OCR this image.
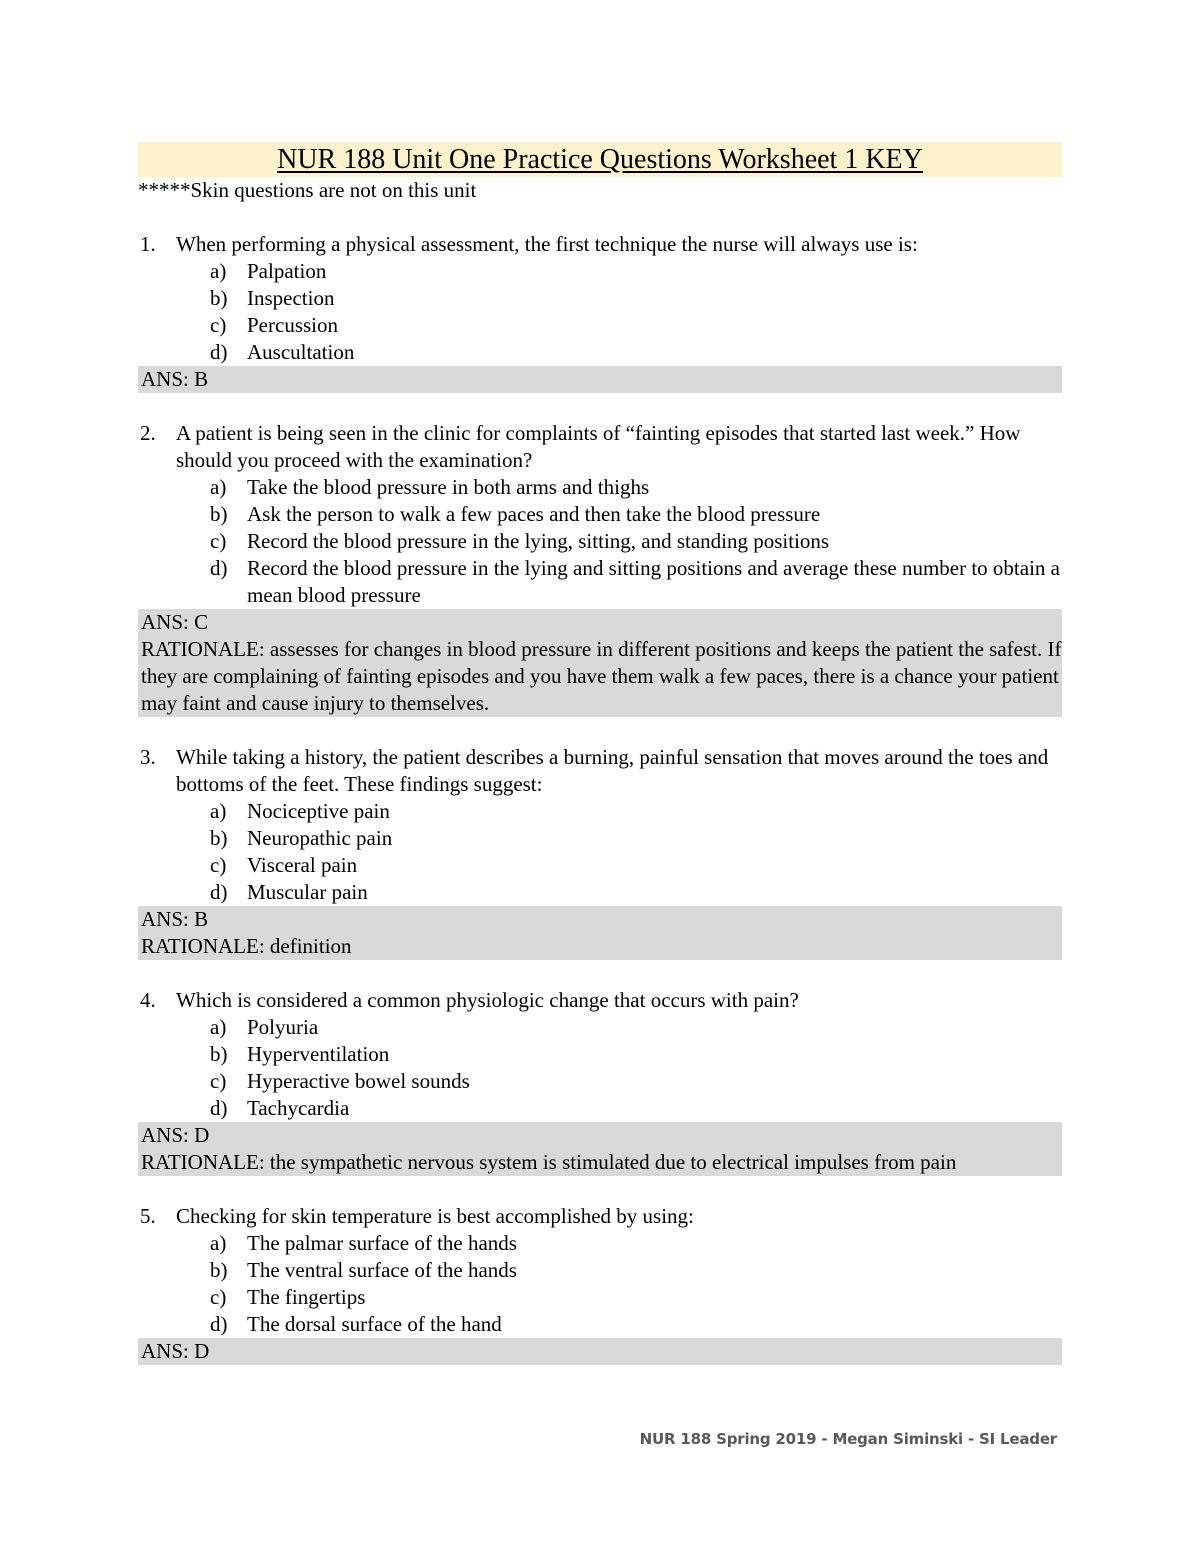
NUR 188 Unit One Practice Questions Worksheet 1 KEY
*****Skin questions are not on this unit
1. When performing a physical assessment, the first technique the nurse will always use is:
a) Palpation
b) Inspection
c) Percussion
d) Auscultation
ANS: B
2. A patient is being seen in the clinic for complaints of “fainting episodes that started last week.” How should you proceed with the examination?
a) Take the blood pressure in both arms and thighs
b) Ask the person to walk a few paces and then take the blood pressure
c) Record the blood pressure in the lying, sitting, and standing positions
d) Record the blood pressure in the lying and sitting positions and average these number to obtain a mean blood pressure
ANS: C
RATIONALE: assesses for changes in blood pressure in different positions and keeps the patient the safest. If they are complaining of fainting episodes and you have them walk a few paces, there is a chance your patient may faint and cause injury to themselves.
3. While taking a history, the patient describes a burning, painful sensation that moves around the toes and bottoms of the feet. These findings suggest:
a) Nociceptive pain
b) Neuropathic pain
c) Visceral pain
d) Muscular pain
ANS: B
RATIONALE: definition
4. Which is considered a common physiologic change that occurs with pain?
a) Polyuria
b) Hyperventilation
c) Hyperactive bowel sounds
d) Tachycardia
ANS: D
RATIONALE: the sympathetic nervous system is stimulated due to electrical impulses from pain
5. Checking for skin temperature is best accomplished by using:
a) The palmar surface of the hands
b) The ventral surface of the hands
c) The fingertips
d) The dorsal surface of the hand
ANS: D
NUR 188 Spring 2019 - Megan Siminski - SI Leader
